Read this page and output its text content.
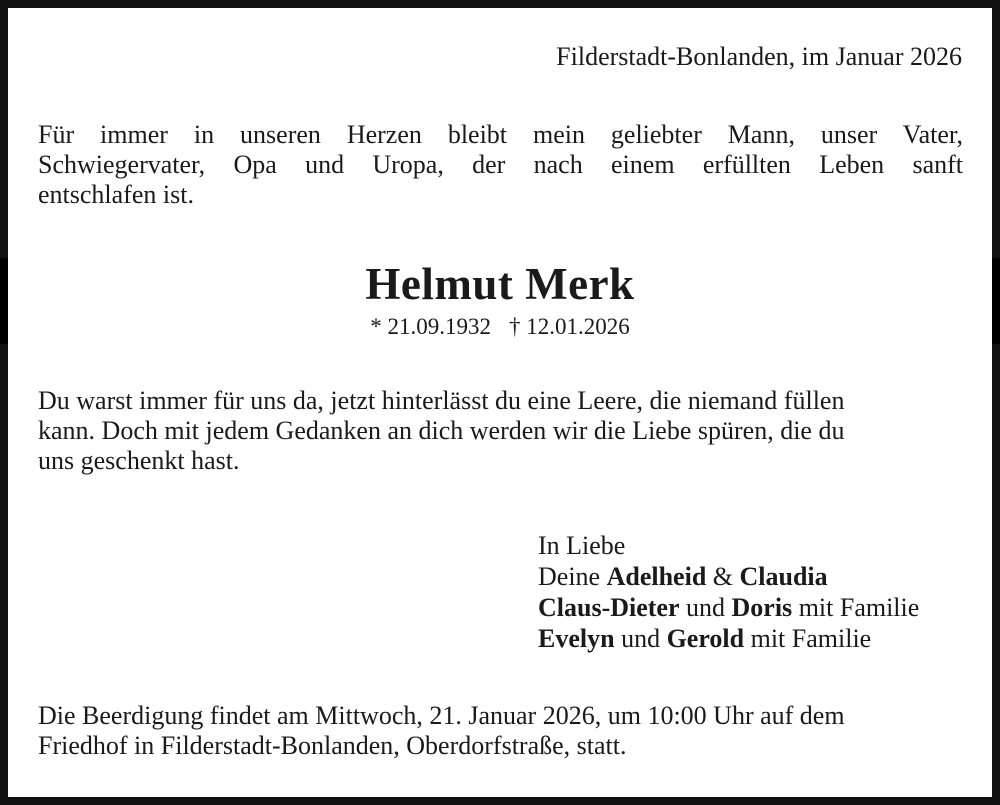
Filderstadt-Bonlanden, im Januar 2026

Für immer in unseren Herzen bleibt mein geliebter Mann, unser Vater,
Schwiegervater, Opa und Uropa, der nach einem erfüllten Leben sanft
entschlafen ist.

Helmut Merk
* 21.09.1932 † 12.01.2026

Du warst immer für uns da, jetzt hinterlässt du eine Leere, die niemand füllen
kann. Doch mit jedem Gedanken an dich werden wir die Liebe spüren, die du
uns geschenkt hast.

In Liebe
Deine Adelheid & Claudia
Claus-Dieter und Doris mit Familie
Evelyn und Gerold mit Familie

Die Beerdigung findet am Mittwoch, 21. Januar 2026, um 10:00 Uhr auf dem
Friedhof in Filderstadt-Bonlanden, Oberdorfstraße, statt.
